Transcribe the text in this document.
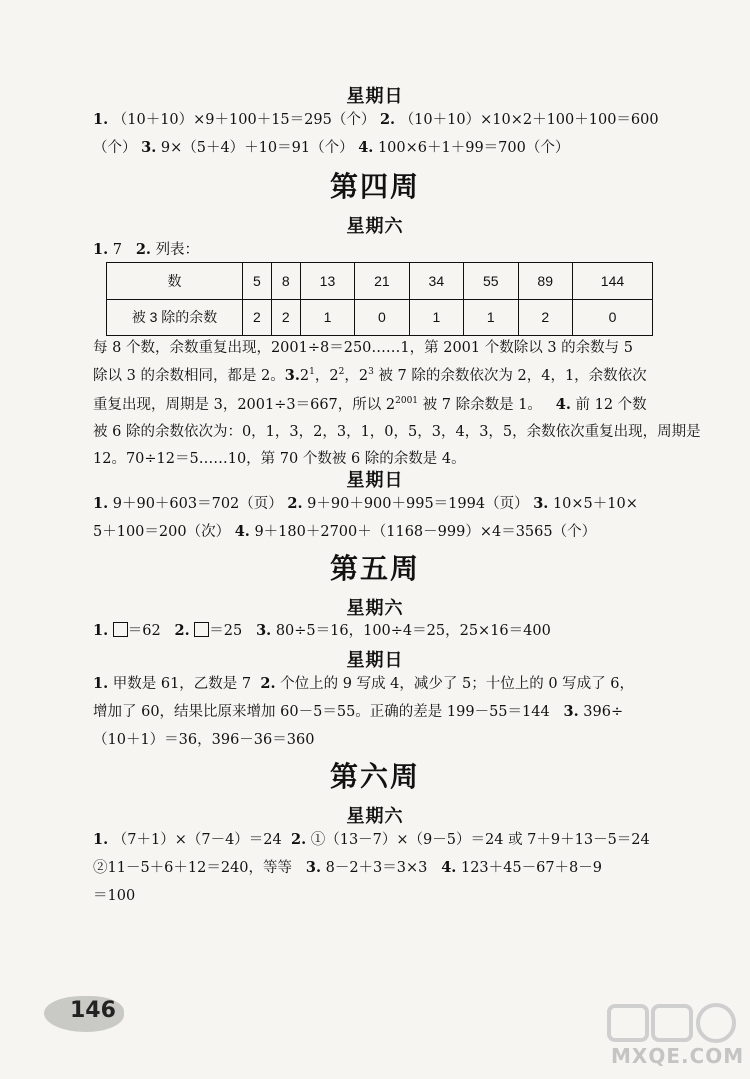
星期日

1. （10＋10）×9＋100＋15＝295（个） 2. （10＋10）×10×2＋100＋100＝600

（个） 3. 9×（5＋4）＋10＝91（个） 4. 100×6＋1＋99＝700（个）

第四周
星期六

1. 7 2. 列表：

数	5	8	13	21	34	55	89	144
被 3 除的余数	2	2	1	0	1	1	2	0

每 8 个数，余数重复出现，2001÷8＝250……1，第 2001 个数除以 3 的余数与 5

除以 3 的余数相同，都是 2。$3.2^1$，$2^2$，$2^3$ 被 7 除的余数依次为 2，4，1，余数依次

重复出现，周期是 3，2001÷3＝667，所以 $2^{2001}$ 被 7 除余数是 1。 4. 前 12 个数

被 6 除的余数依次为：0，1，3，2，3，1，0，5，3，4，3，5，余数依次重复出现，周期是

12。70÷12＝5……10，第 70 个数被 6 除的余数是 4。

星期日

1. 9＋90＋603＝702（页） 2. 9＋90＋900＋995＝1994（页） 3. 10×5＋10×

5＋100＝200（次） 4. 9＋180＋2700＋（1168－999）×4＝3565（个）

第五周
星期六

1. ＝62 2. ＝25 3. 80÷5＝16，100÷4＝25，25×16＝400

星期日

1. 甲数是 61，乙数是 7 2. 个位上的 9 写成 4，减少了 5；十位上的 0 写成了 6，

增加了 60，结果比原来增加 60－5＝55。正确的差是 199－55＝144 3. 396÷

（10＋1）＝36，396－36＝360

第六周
星期六

1. （7＋1）×（7－4）＝24 2. ①（13－7）×（9－5）＝24 或 7＋9＋13－5＝24

②11－5＋6＋12＝240，等等 3. 8－2＋3＝3×3 4. 123＋45－67＋8－9

＝100

146
MXQE.COM
